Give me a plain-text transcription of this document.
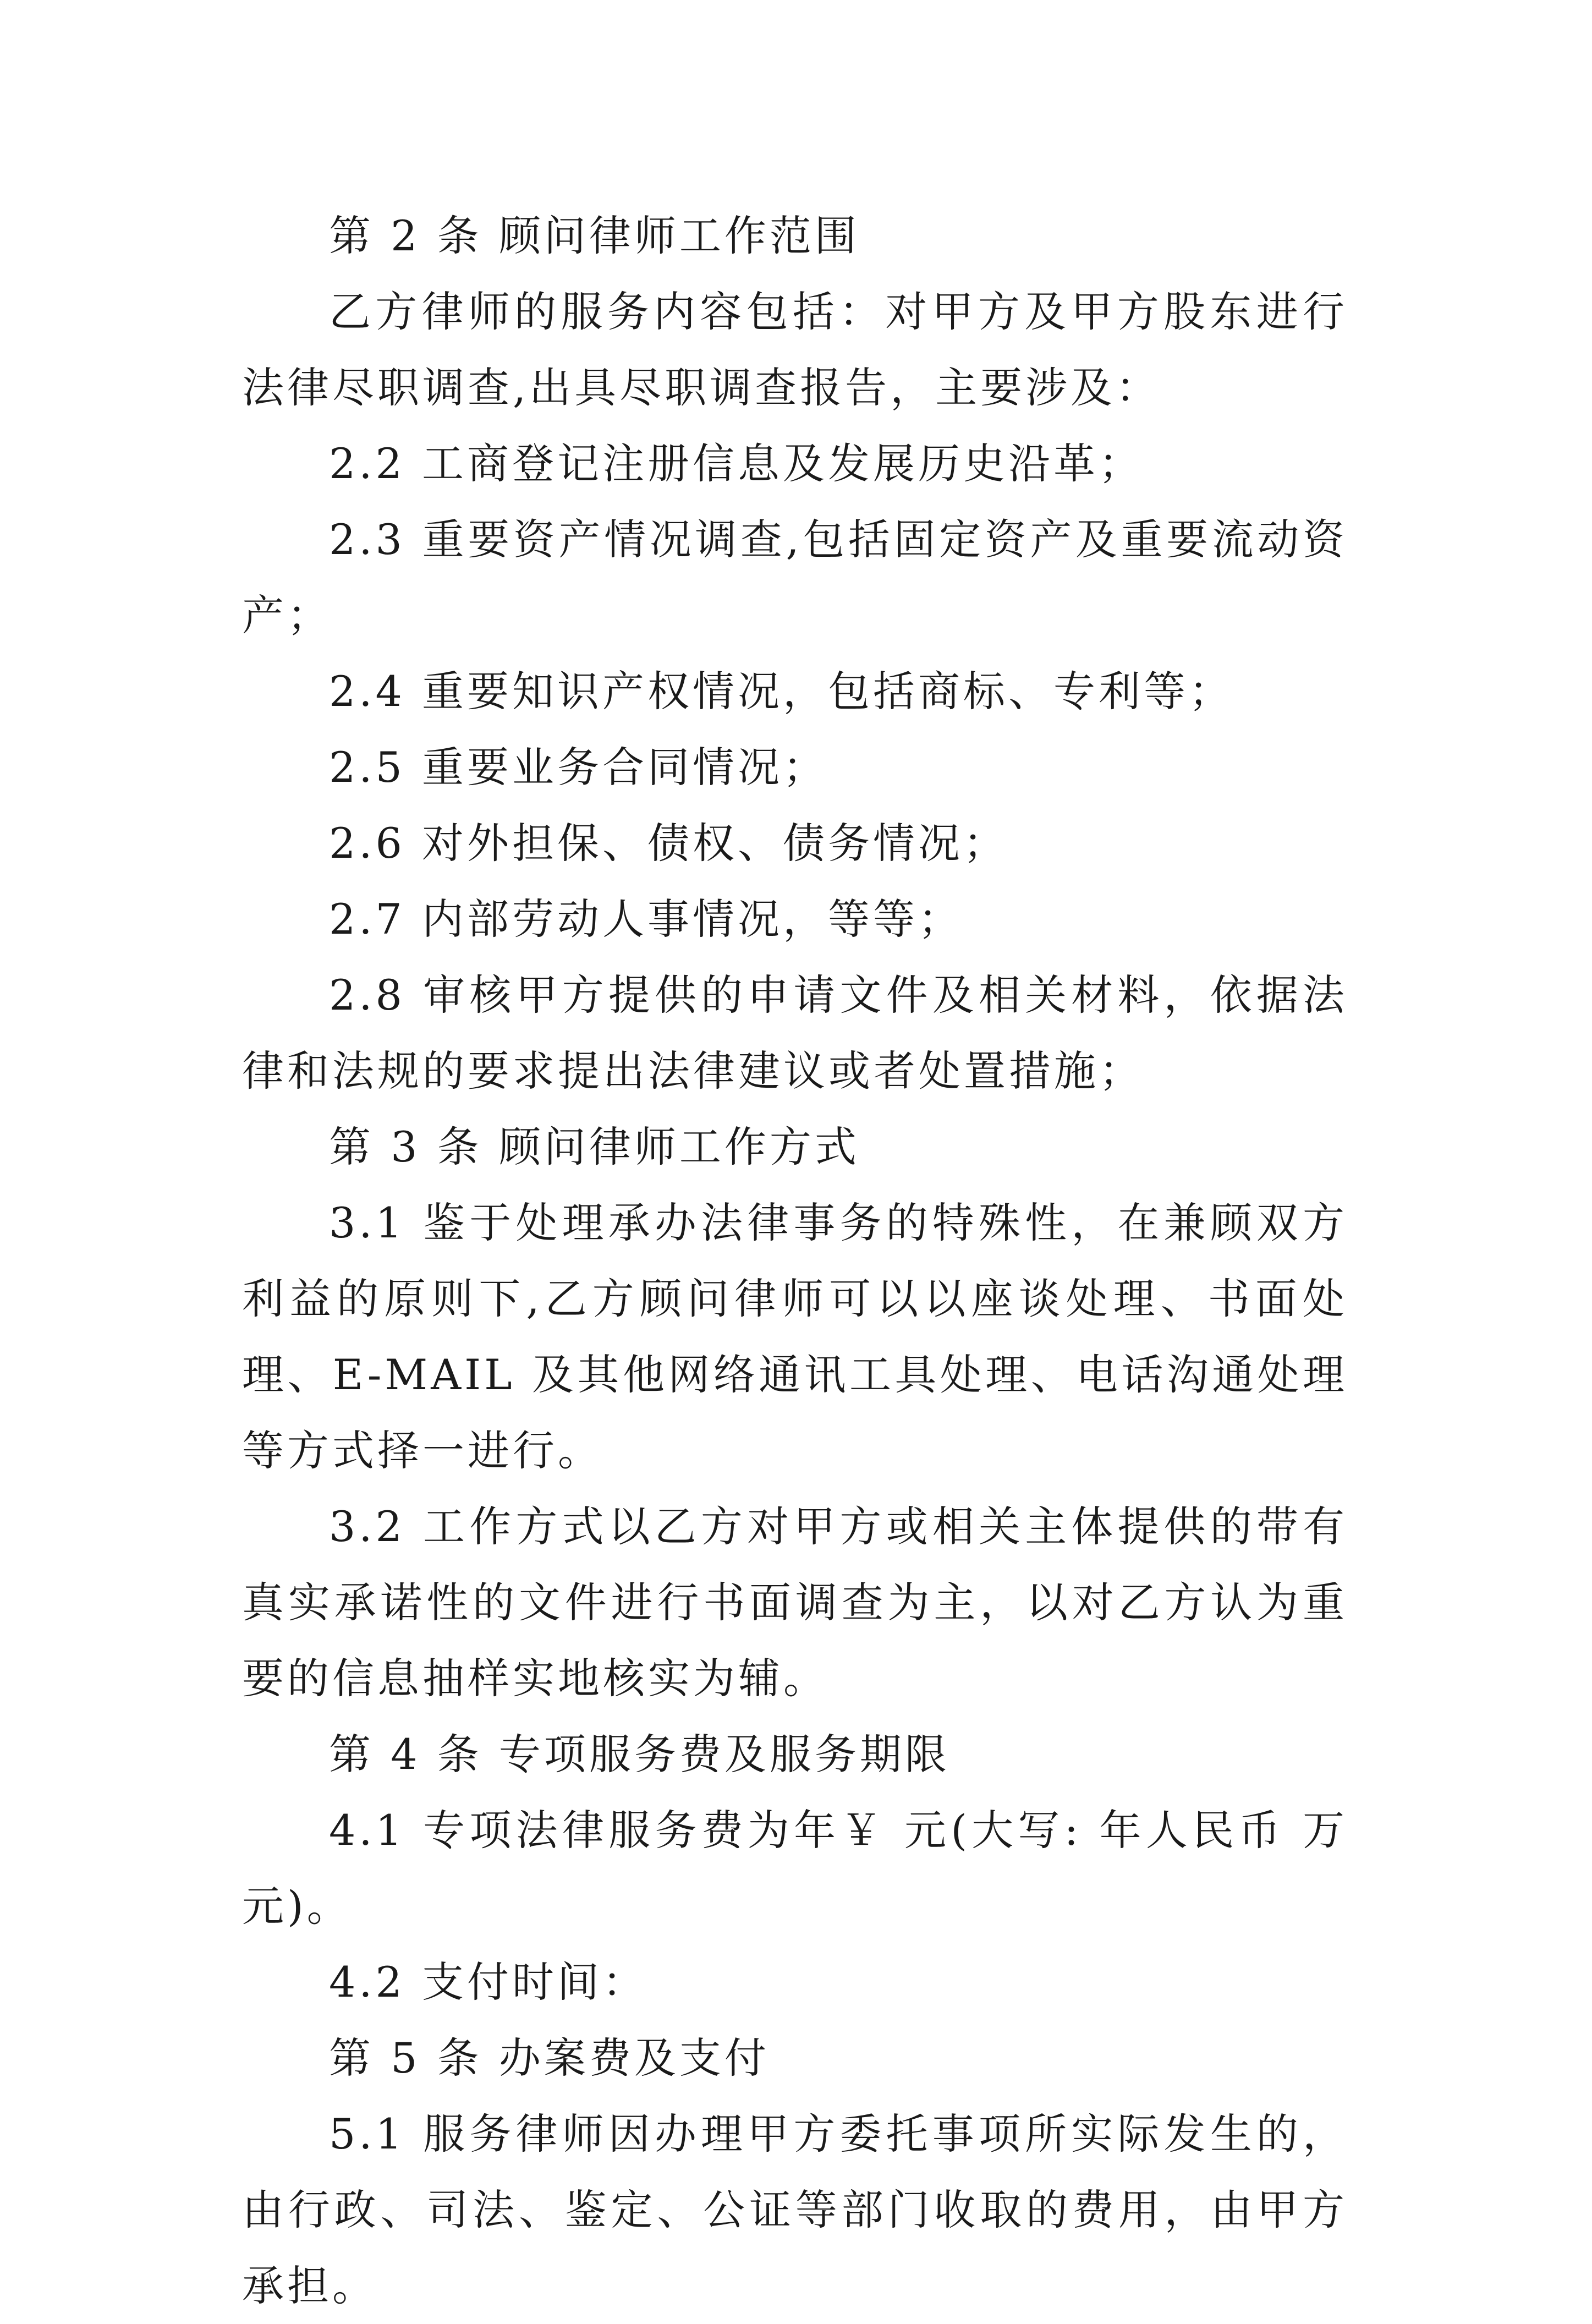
第 2 条 顾问律师工作范围

乙方律师的服务内容包括：对甲方及甲方股东进行法律尽职调查,出具尽职调查报告，主要涉及：

2.2 工商登记注册信息及发展历史沿革；

2.3 重要资产情况调查,包括固定资产及重要流动资产；

2.4 重要知识产权情况，包括商标、专利等；

2.5 重要业务合同情况；

2.6 对外担保、债权、债务情况；

2.7 内部劳动人事情况，等等；

2.8 审核甲方提供的申请文件及相关材料，依据法律和法规的要求提出法律建议或者处置措施；

第 3 条 顾问律师工作方式

3.1 鉴于处理承办法律事务的特殊性，在兼顾双方利益的原则下,乙方顾问律师可以以座谈处理、书面处理、E-MAIL 及其他网络通讯工具处理、电话沟通处理等方式择一进行。

3.2 工作方式以乙方对甲方或相关主体提供的带有真实承诺性的文件进行书面调查为主，以对乙方认为重要的信息抽样实地核实为辅。

第 4 条 专项服务费及服务期限

4.1 专项法律服务费为年￥ 元(大写: 年人民币 万元)。

4.2 支付时间：

第 5 条 办案费及支付

5.1 服务律师因办理甲方委托事项所实际发生的，由行政、司法、鉴定、公证等部门收取的费用，由甲方承担。
